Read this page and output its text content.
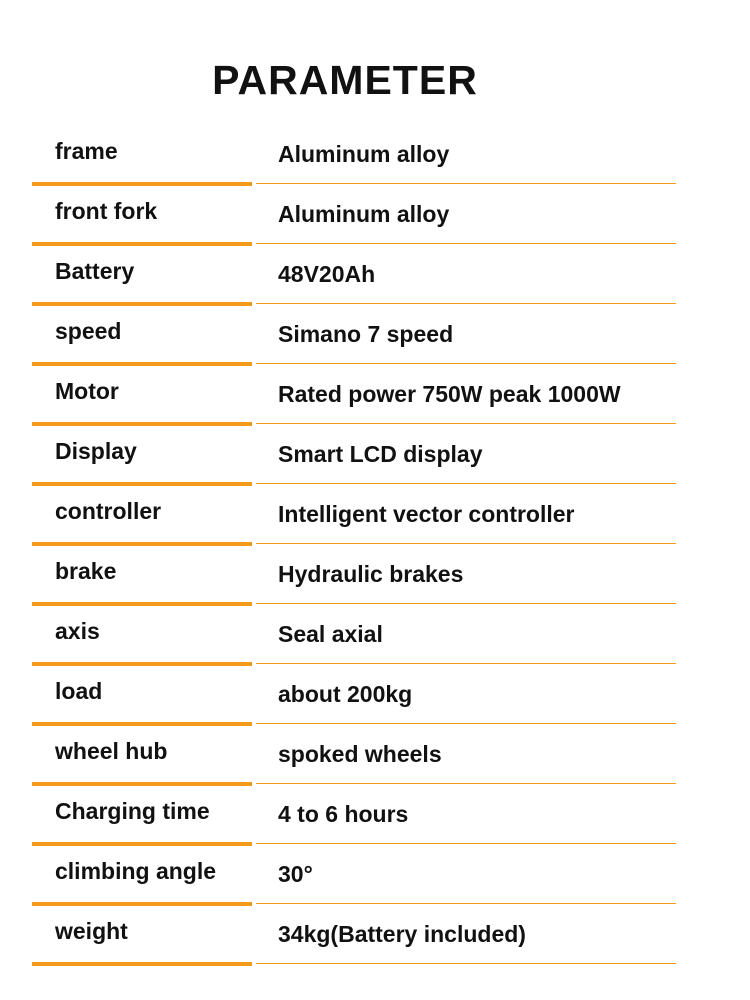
PARAMETER
frame	Aluminum alloy
front fork	Aluminum alloy
Battery	48V20Ah
speed	Simano 7 speed
Motor	Rated power 750W peak 1000W
Display	Smart LCD display
controller	Intelligent vector controller
brake	Hydraulic brakes
axis	Seal axial
load	about 200kg
wheel hub	spoked wheels
Charging time	4 to 6 hours
climbing angle	30°
weight	34kg(Battery included)
